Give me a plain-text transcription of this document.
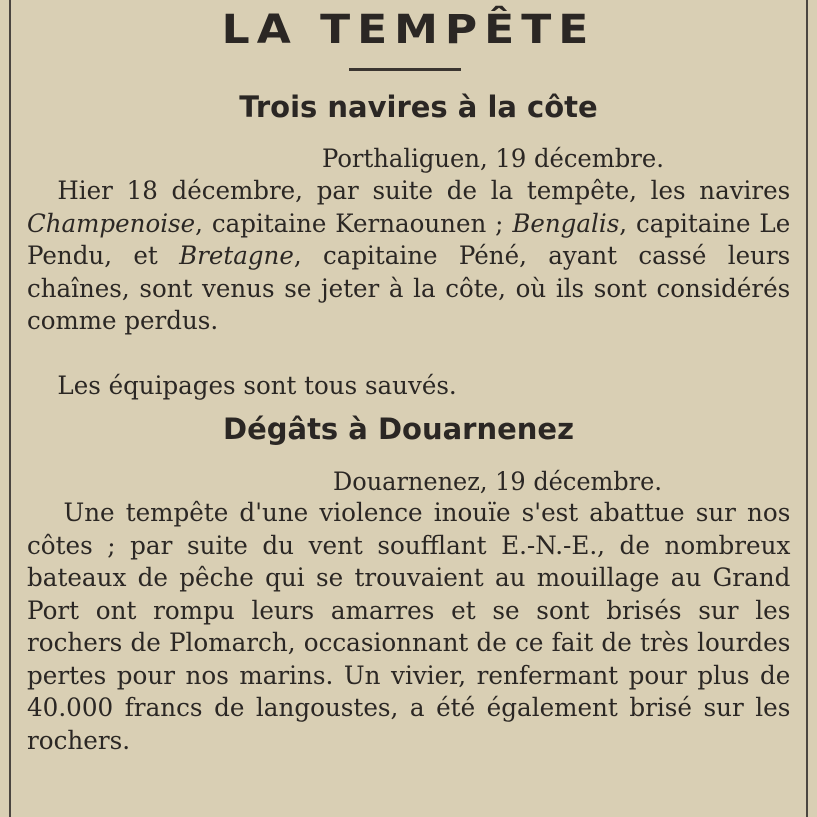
LA TEMPÊTE
Trois navires à la côte
Porthaliguen, 19 décembre.
Hier 18 décembre, par suite de la tempête, les navires Champenoise, capitaine Kernaounen ; Bengalis, capitaine Le Pendu, et Bretagne, capitaine Péné, ayant cassé leurs chaînes, sont venus se jeter à la côte, où ils sont considérés comme perdus.
Les équipages sont tous sauvés.
Dégâts à Douarnenez
Douarnenez, 19 décembre.
Une tempête d'une violence inouïe s'est abattue sur nos côtes ; par suite du vent soufflant E.-N.-E., de nombreux bateaux de pêche qui se trouvaient au mouillage au Grand Port ont rompu leurs amarres et se sont brisés sur les rochers de Plomarch, occasionnant de ce fait de très lourdes pertes pour nos marins. Un vivier, renfermant pour plus de 40.000 francs de langoustes, a été également brisé sur les rochers.
